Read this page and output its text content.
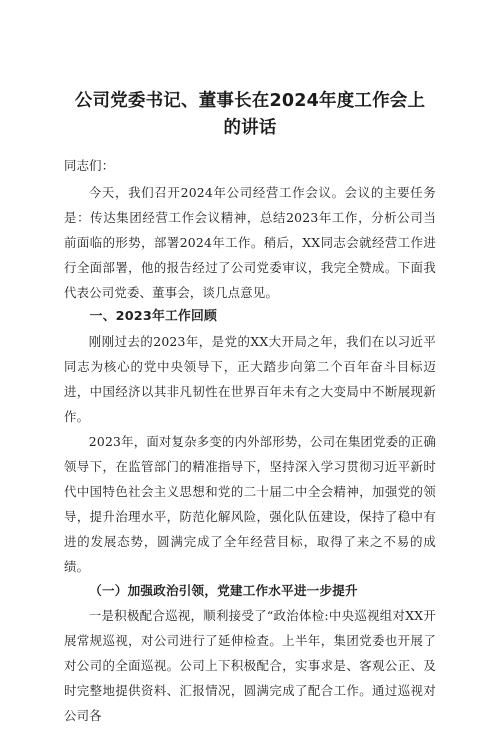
公司党委书记、董事长在2024年度工作会上
的讲话

同志们：

今天，我们召开2024年公司经营工作会议。会议的主要任务是：传达集团经营工作会议精神，总结2023年工作，分析公司当前面临的形势，部署2024年工作。稍后，XX同志会就经营工作进行全面部署，他的报告经过了公司党委审议，我完全赞成。下面我代表公司党委、董事会，谈几点意见。

一、2023年工作回顾

刚刚过去的2023年，是党的XX大开局之年，我们在以习近平同志为核心的党中央领导下，正大踏步向第二个百年奋斗目标迈进，中国经济以其非凡韧性在世界百年未有之大变局中不断展现新作。

2023年，面对复杂多变的内外部形势，公司在集团党委的正确领导下，在监管部门的精准指导下，坚持深入学习贯彻习近平新时代中国特色社会主义思想和党的二十届二中全会精神，加强党的领导，提升治理水平，防范化解风险，强化队伍建设，保持了稳中有进的发展态势，圆满完成了全年经营目标，取得了来之不易的成绩。

（一）加强政治引领，党建工作水平进一步提升

一是积极配合巡视，顺利接受了“政治体检:中央巡视组对XX开展常规巡视，对公司进行了延伸检查。上半年，集团党委也开展了对公司的全面巡视。公司上下积极配合，实事求是、客观公正、及时完整地提供资料、汇报情况，圆满完成了配合工作。通过巡视对公司各
